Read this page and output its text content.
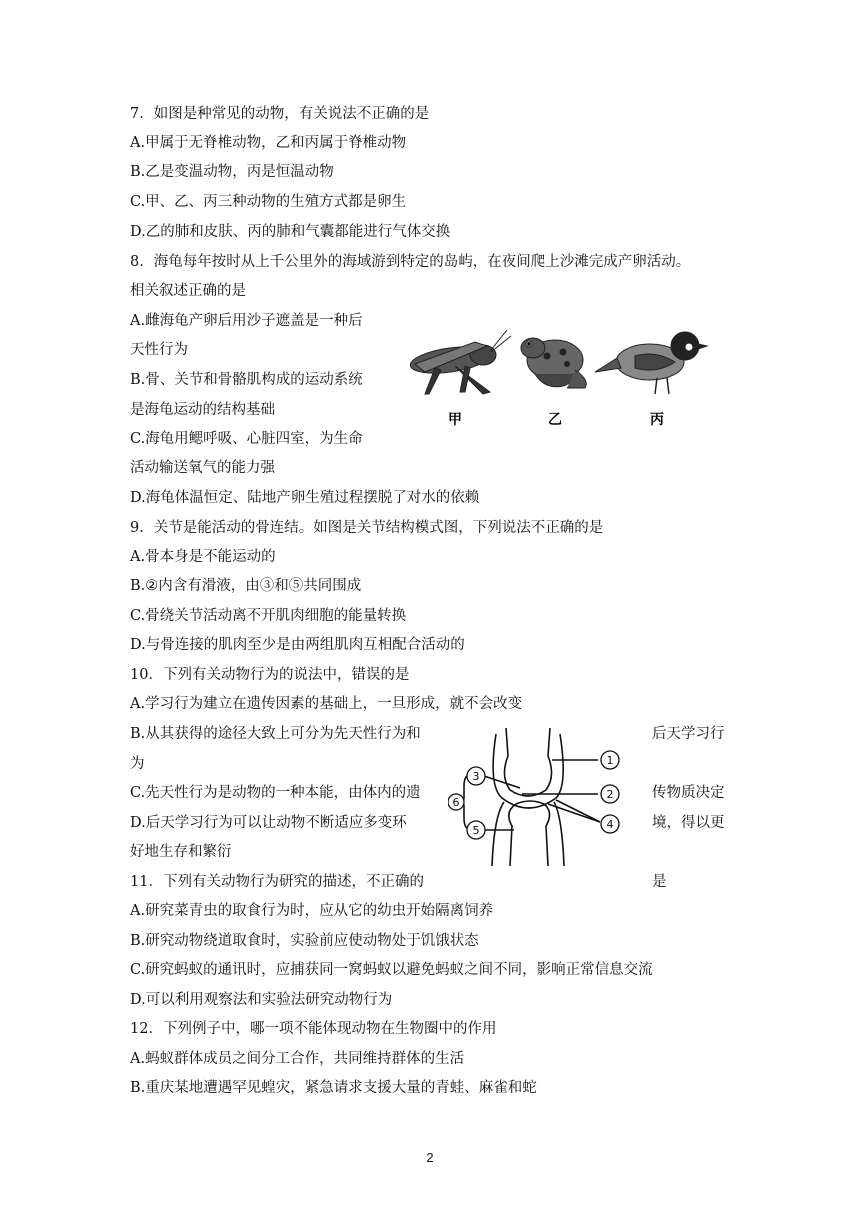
7．如图是种常见的动物，有关说法不正确的是
A.甲属于无脊椎动物，乙和丙属于脊椎动物
B.乙是变温动物，丙是恒温动物
C.甲、乙、丙三种动物的生殖方式都是卵生
D.乙的肺和皮肤、丙的肺和气囊都能进行气体交换
8．海龟每年按时从上千公里外的海域游到特定的岛屿，在夜间爬上沙滩完成产卵活动。
相关叙述正确的是
A.雌海龟产卵后用沙子遮盖是一种后
天性行为
B.骨、关节和骨骼肌构成的运动系统
是海龟运动的结构基础
C.海龟用鳃呼吸、心脏四室，为生命
活动输送氧气的能力强
D.海龟体温恒定、陆地产卵生殖过程摆脱了对水的依赖
9．关节是能活动的骨连结。如图是关节结构模式图，下列说法不正确的是
A.骨本身是不能运动的
B.②内含有滑液，由③和⑤共同围成
C.骨绕关节活动离不开肌肉细胞的能量转换
D.与骨连接的肌肉至少是由两组肌肉互相配合活动的
10．下列有关动物行为的说法中，错误的是
A.学习行为建立在遗传因素的基础上，一旦形成，就不会改变
B.从其获得的途径大致上可分为先天性行为和
为
C.先天性行为是动物的一种本能，由体内的遗
D.后天学习行为可以让动物不断适应多变环
好地生存和繁衍
11．下列有关动物行为研究的描述，不正确的
A.研究菜青虫的取食行为时，应从它的幼虫开始隔离饲养
B.研究动物绕道取食时，实验前应使动物处于饥饿状态
C.研究蚂蚁的通讯时，应捕获同一窝蚂蚁以避免蚂蚁之间不同，影响正常信息交流
D.可以利用观察法和实验法研究动物行为
12．下列例子中，哪一项不能体现动物在生物圈中的作用
A.蚂蚁群体成员之间分工合作，共同维持群体的生活
B.重庆某地遭遇罕见蝗灾，紧急请求支援大量的青蛙、麻雀和蛇
后天学习行
传物质决定
境，得以更
是
甲	乙	丙
1
2
3
4
5
6
2
